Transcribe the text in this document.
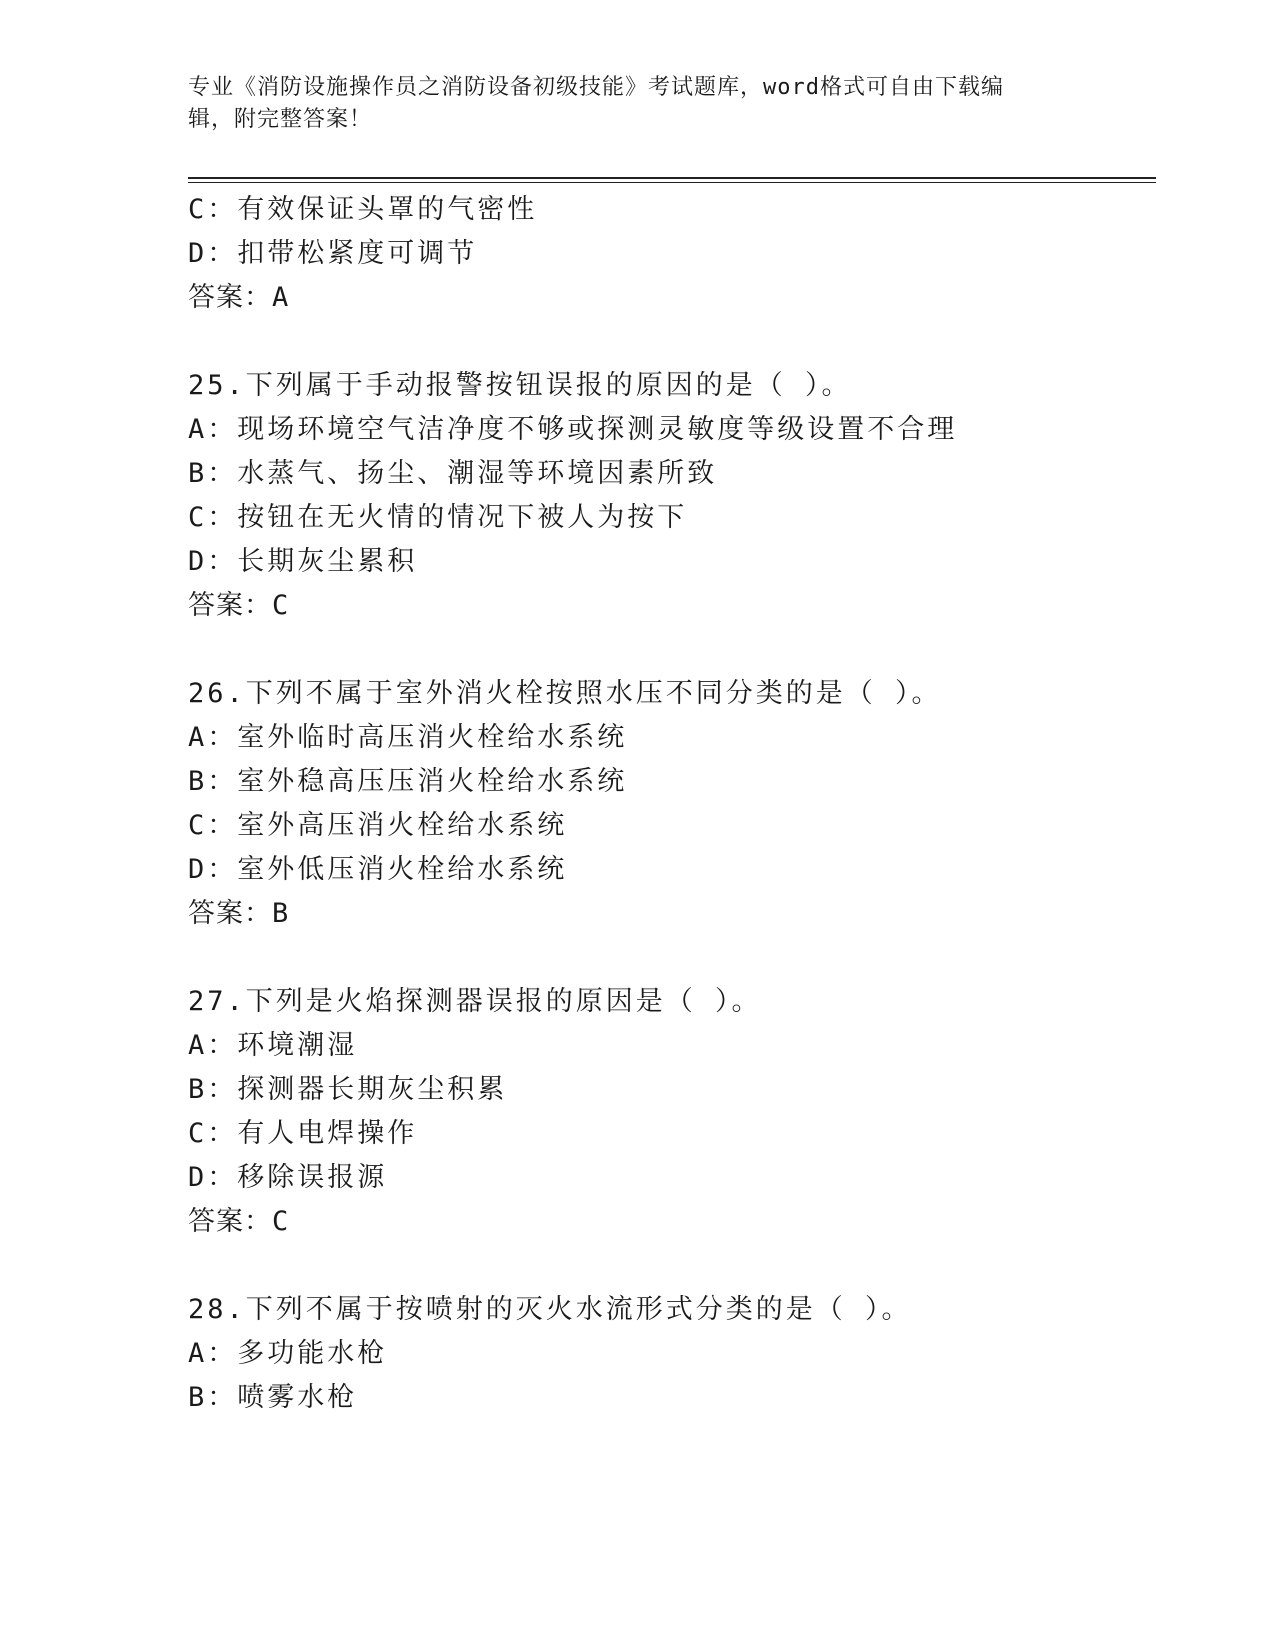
专业《消防设施操作员之消防设备初级技能》考试题库，word格式可自由下载编
辑，附完整答案！
C：有效保证头罩的气密性
D：扣带松紧度可调节
答案：A
25.下列属于手动报警按钮误报的原因的是（ ）。
A：现场环境空气洁净度不够或探测灵敏度等级设置不合理
B：水蒸气、扬尘、潮湿等环境因素所致
C：按钮在无火情的情况下被人为按下
D：长期灰尘累积
答案：C
26.下列不属于室外消火栓按照水压不同分类的是（ ）。
A：室外临时高压消火栓给水系统
B：室外稳高压压消火栓给水系统
C：室外高压消火栓给水系统
D：室外低压消火栓给水系统
答案：B
27.下列是火焰探测器误报的原因是（ ）。
A：环境潮湿
B：探测器长期灰尘积累
C：有人电焊操作
D：移除误报源
答案：C
28.下列不属于按喷射的灭火水流形式分类的是（ ）。
A：多功能水枪
B：喷雾水枪
